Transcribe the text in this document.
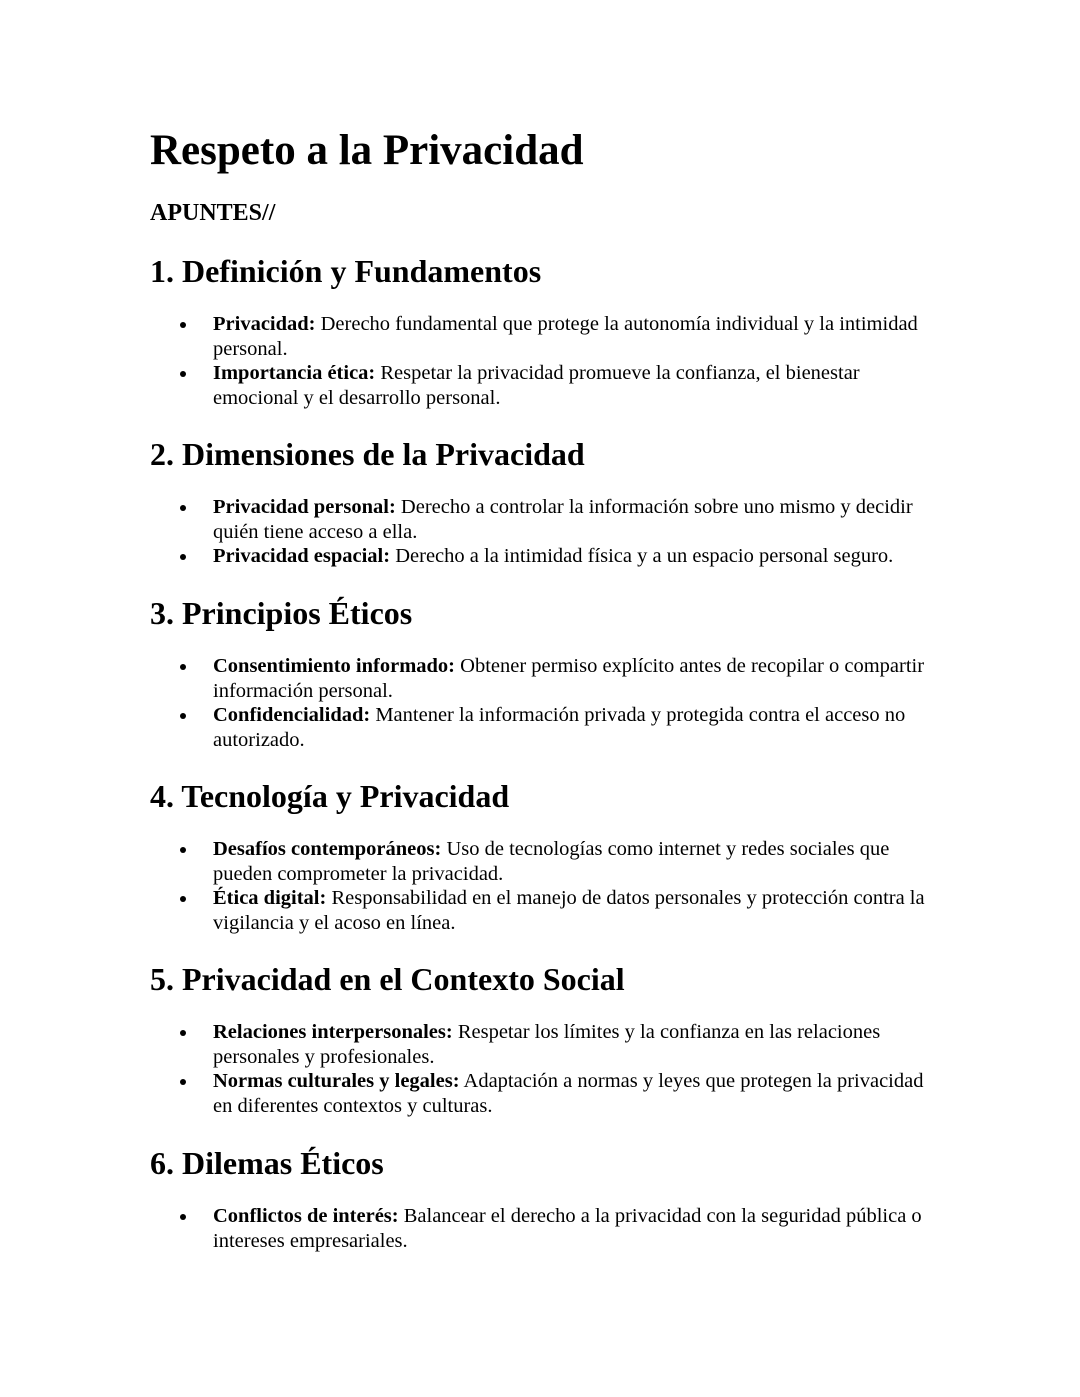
Respeto a la Privacidad
APUNTES//
1. Definición y Fundamentos
Privacidad: Derecho fundamental que protege la autonomía individual y la intimidad personal.
Importancia ética: Respetar la privacidad promueve la confianza, el bienestar emocional y el desarrollo personal.
2. Dimensiones de la Privacidad
Privacidad personal: Derecho a controlar la información sobre uno mismo y decidir quién tiene acceso a ella.
Privacidad espacial: Derecho a la intimidad física y a un espacio personal seguro.
3. Principios Éticos
Consentimiento informado: Obtener permiso explícito antes de recopilar o compartir información personal.
Confidencialidad: Mantener la información privada y protegida contra el acceso no autorizado.
4. Tecnología y Privacidad
Desafíos contemporáneos: Uso de tecnologías como internet y redes sociales que pueden comprometer la privacidad.
Ética digital: Responsabilidad en el manejo de datos personales y protección contra la vigilancia y el acoso en línea.
5. Privacidad en el Contexto Social
Relaciones interpersonales: Respetar los límites y la confianza en las relaciones personales y profesionales.
Normas culturales y legales: Adaptación a normas y leyes que protegen la privacidad en diferentes contextos y culturas.
6. Dilemas Éticos
Conflictos de interés: Balancear el derecho a la privacidad con la seguridad pública o intereses empresariales.
